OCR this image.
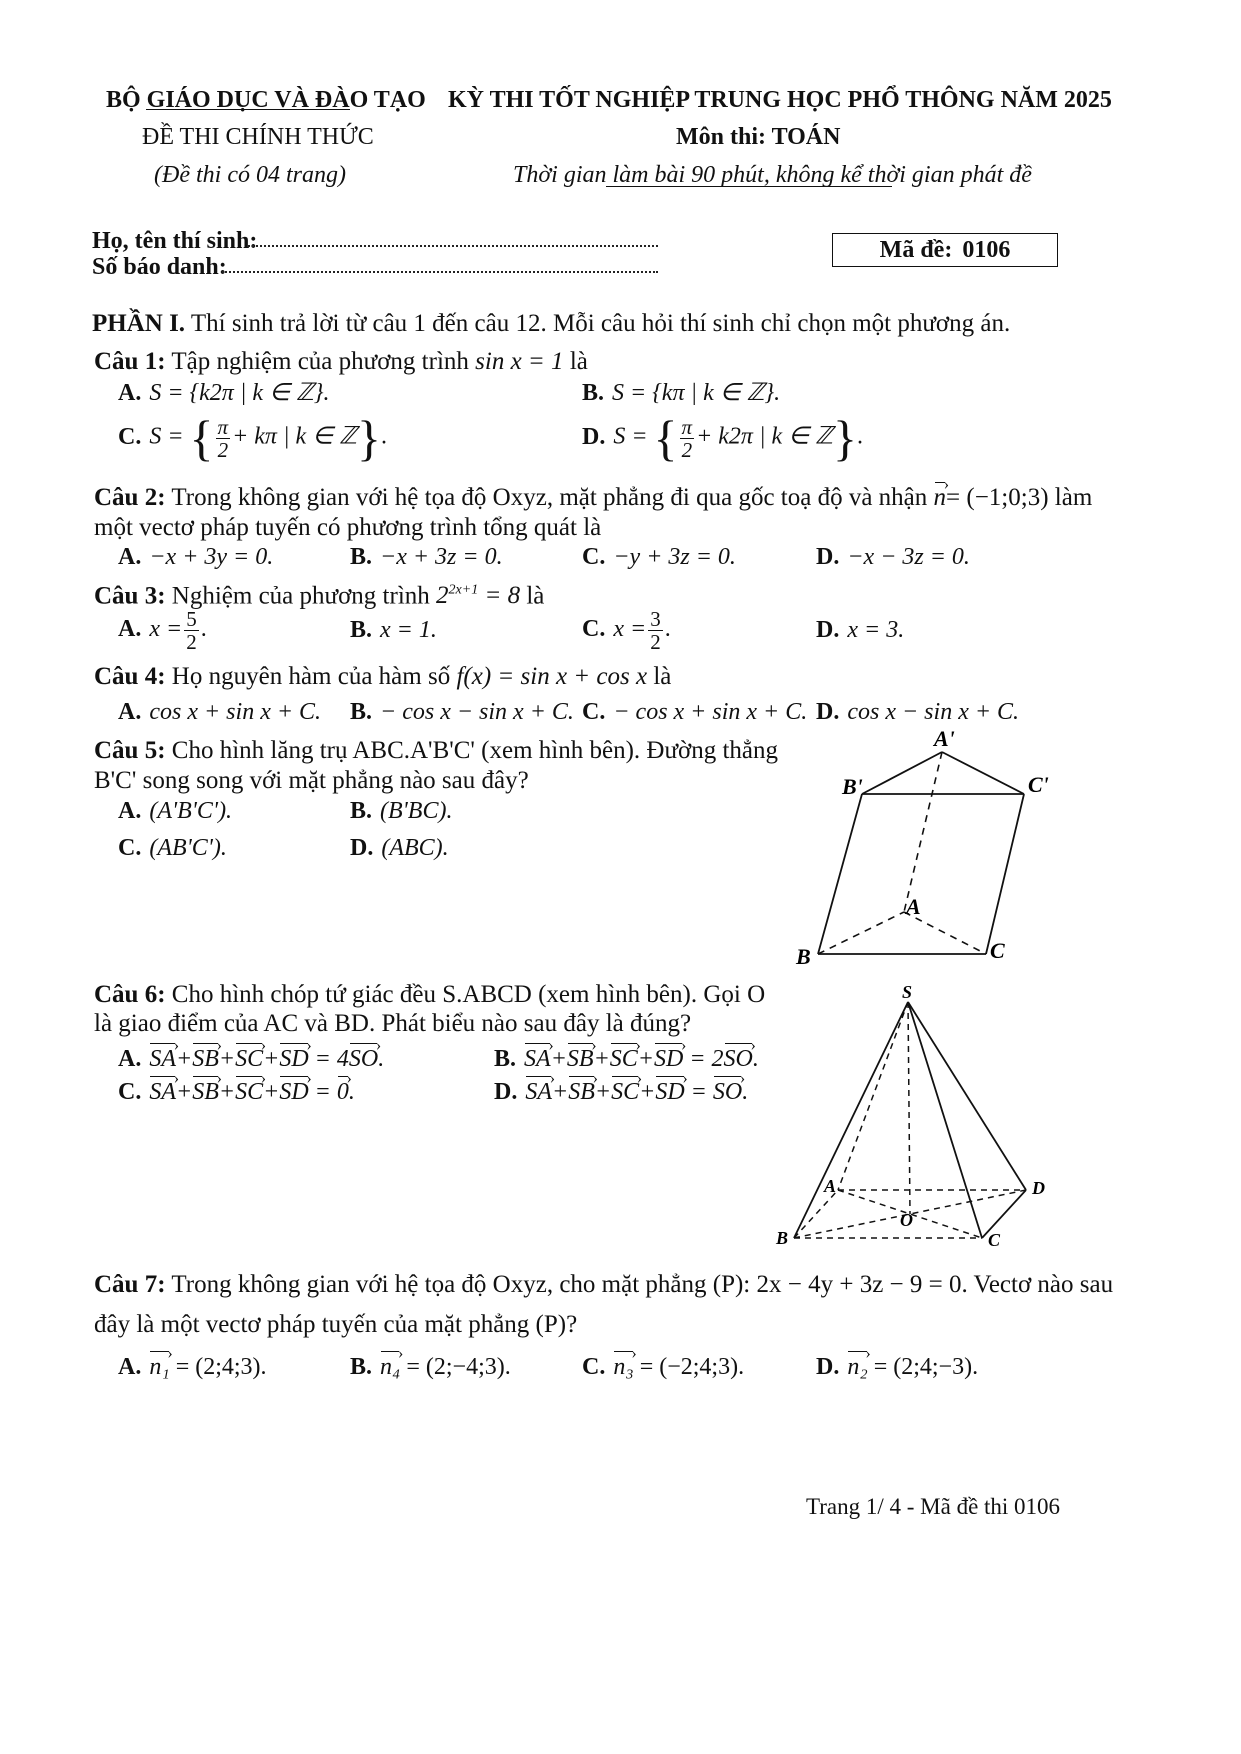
BỘ GIÁO DỤC VÀ ĐÀO TẠO
ĐỀ THI CHÍNH THỨC
(Đề thi có 04 trang)
KỲ THI TỐT NGHIỆP TRUNG HỌC PHỔ THÔNG NĂM 2025
Môn thi: TOÁN
Thời gian làm bài 90 phút, không kể thời gian phát đề
Họ, tên thí sinh:
Số báo danh:
Mã đề: 0106
PHẦN I. Thí sinh trả lời từ câu 1 đến câu 12. Mỗi câu hỏi thí sinh chỉ chọn một phương án.
Câu 1: Tập nghiệm của phương trình sin x = 1 là
A. S = {k2π | k ∈ ℤ}.	B. S = {kπ | k ∈ ℤ}.
C. S = { $\frac{\pi}{2} + k\pi$ | k ∈ ℤ}.	D. S = { $\frac{\pi}{2} + k2\pi$ | k ∈ ℤ}.
Câu 2: Trong không gian với hệ tọa độ Oxyz, mặt phẳng đi qua gốc toạ độ và nhận n ›= (−1;0;3) làm
một vectơ pháp tuyến có phương trình tổng quát là
A. −x + 3y = 0.	B. −x + 3z = 0.	C. −y + 3z = 0.	D. −x − 3z = 0.
Câu 3: Nghiệm của phương trình $2^{2x+1} = 8$ là
A. $x = \frac{5}{2}$ .	B. x = 1.	C. $x = \frac{3}{2}$ .	D. x = 3.
Câu 4: Họ nguyên hàm của hàm số f(x) = sin x + cos x là
A. cos x + sin x + C. B. − cos x − sin x + C. C. − cos x + sin x + C. D. cos x − sin x + C.
Câu 5: Cho hình lăng trụ ABC.A'B'C' (xem hình bên). Đường thẳng
B'C' song song với mặt phẳng nào sau đây?
A. (A'B'C').	B. (B'BC).
C. (AB'C').	D. (ABC).
A'
B'	C'
A
B	C
Câu 6: Cho hình chóp tứ giác đều S.ABCD (xem hình bên). Gọi O
là giao điểm của AC và BD. Phát biểu nào sau đây là đúng?
A. SA ›+SB ›+SC ›+SD › = 4SO ›.	B. SA ›+SB ›+SC ›+SD › = 2SO ›.
C. SA ›+SB ›+SC ›+SD › = 0 ›.	D. SA ›+SB ›+SC ›+SD › = SO ›.
S
A
B	C
D
O
Câu 7: Trong không gian với hệ tọa độ Oxyz, cho mặt phẳng (P): 2x − 4y + 3z − 9 = 0. Vectơ nào sau
đây là một vectơ pháp tuyến của mặt phẳng (P)?
A. n₁ › = (2;4;3).	B. n₄ › = (2;−4;3).	C. n₃ › = (−2;4;3).	D. n₂ › = (2;4;−3).
Trang 1/ 4 - Mã đề thi 0106
